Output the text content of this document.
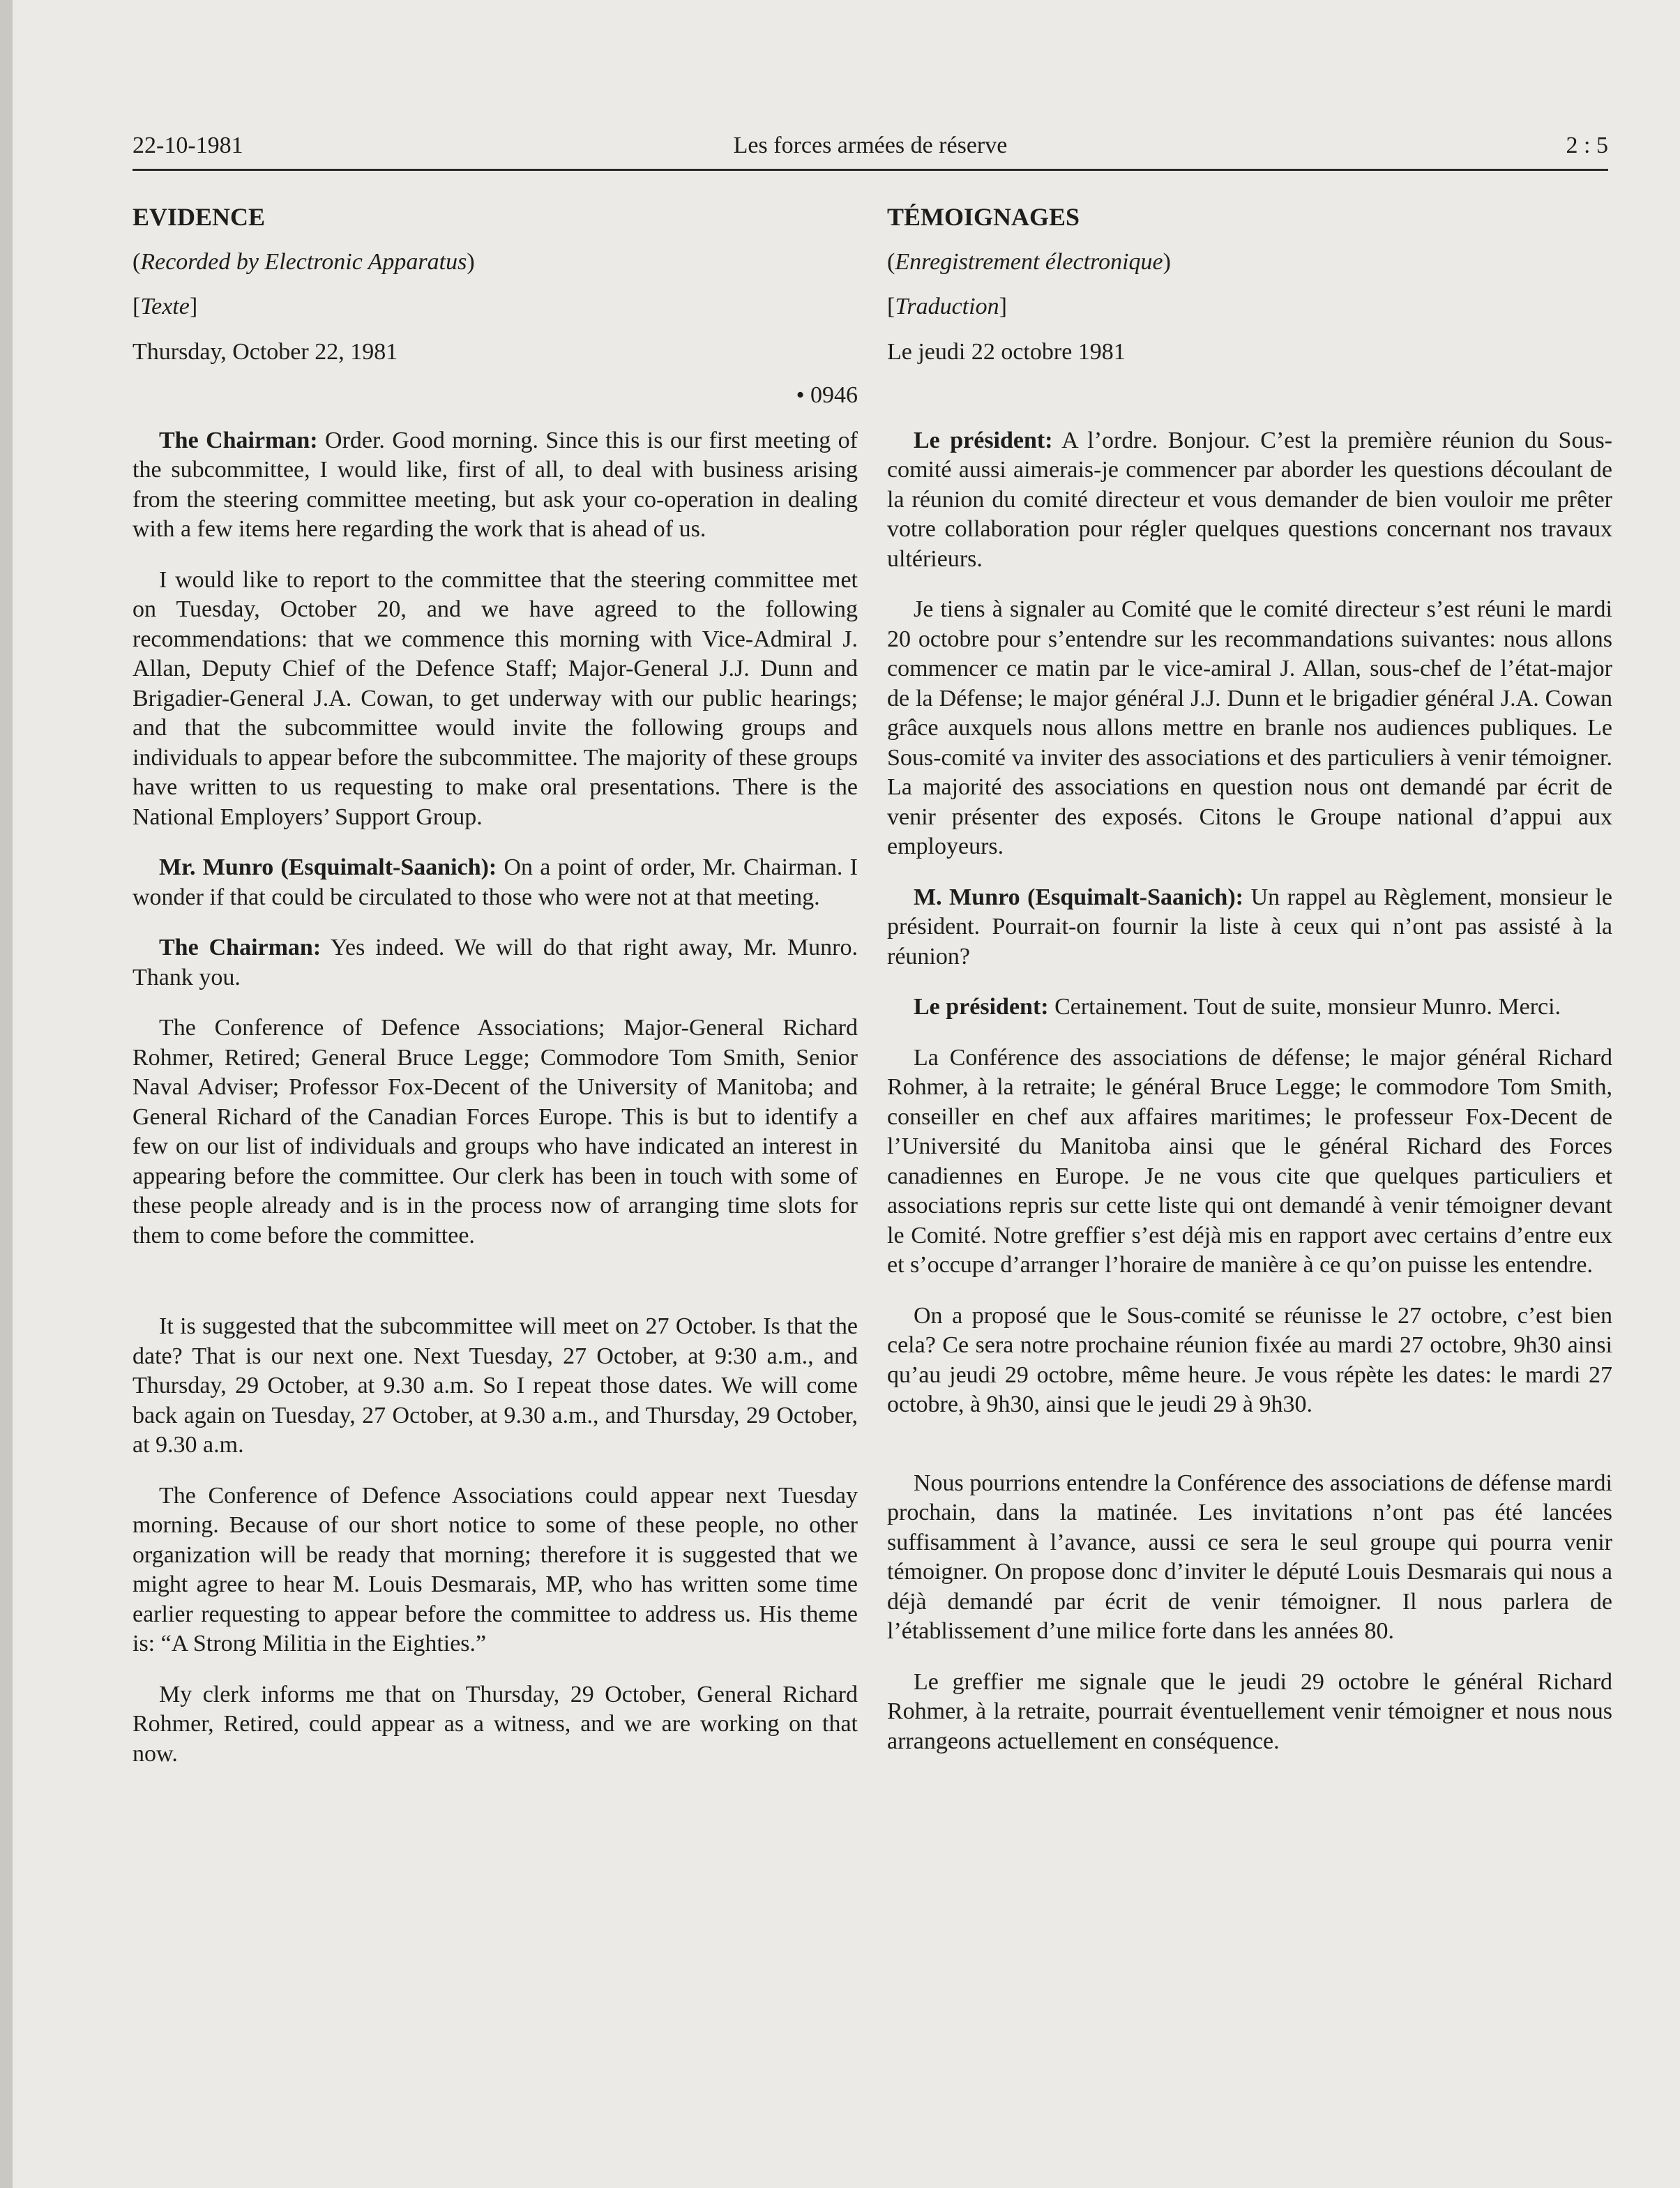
22-10-1981	Les forces armées de réserve	2 : 5

EVIDENCE

(Recorded by Electronic Apparatus)

[Texte]

Thursday, October 22, 1981

• 0946

The Chairman: Order. Good morning. Since this is our first meeting of the subcommittee, I would like, first of all, to deal with business arising from the steering committee meeting, but ask your co-operation in dealing with a few items here regarding the work that is ahead of us.

I would like to report to the committee that the steering committee met on Tuesday, October 20, and we have agreed to the following recommendations: that we commence this morning with Vice-Admiral J. Allan, Deputy Chief of the Defence Staff; Major-General J.J. Dunn and Brigadier-General J.A. Cowan, to get underway with our public hearings; and that the subcommittee would invite the following groups and individuals to appear before the subcommittee. The majority of these groups have written to us requesting to make oral presentations. There is the National Employers’ Support Group.

Mr. Munro (Esquimalt-Saanich): On a point of order, Mr. Chairman. I wonder if that could be circulated to those who were not at that meeting.

The Chairman: Yes indeed. We will do that right away, Mr. Munro. Thank you.

The Conference of Defence Associations; Major-General Richard Rohmer, Retired; General Bruce Legge; Commodore Tom Smith, Senior Naval Adviser; Professor Fox-Decent of the University of Manitoba; and General Richard of the Canadian Forces Europe. This is but to identify a few on our list of individuals and groups who have indicated an interest in appearing before the committee. Our clerk has been in touch with some of these people already and is in the process now of arranging time slots for them to come before the committee.

It is suggested that the subcommittee will meet on 27 October. Is that the date? That is our next one. Next Tuesday, 27 October, at 9:30 a.m., and Thursday, 29 October, at 9.30 a.m. So I repeat those dates. We will come back again on Tuesday, 27 October, at 9.30 a.m., and Thursday, 29 October, at 9.30 a.m.

The Conference of Defence Associations could appear next Tuesday morning. Because of our short notice to some of these people, no other organization will be ready that morning; therefore it is suggested that we might agree to hear M. Louis Desmarais, MP, who has written some time earlier requesting to appear before the committee to address us. His theme is: “A Strong Militia in the Eighties.”

My clerk informs me that on Thursday, 29 October, General Richard Rohmer, Retired, could appear as a witness, and we are working on that now.

TÉMOIGNAGES

(Enregistrement électronique)

[Traduction]

Le jeudi 22 octobre 1981

Le président: A l’ordre. Bonjour. C’est la première réunion du Sous-comité aussi aimerais-je commencer par aborder les questions découlant de la réunion du comité directeur et vous demander de bien vouloir me prêter votre collaboration pour régler quelques questions concernant nos travaux ultérieurs.

Je tiens à signaler au Comité que le comité directeur s’est réuni le mardi 20 octobre pour s’entendre sur les recommandations suivantes: nous allons commencer ce matin par le vice-amiral J. Allan, sous-chef de l’état-major de la Défense; le major général J.J. Dunn et le brigadier général J.A. Cowan grâce auxquels nous allons mettre en branle nos audiences publiques. Le Sous-comité va inviter des associations et des particuliers à venir témoigner. La majorité des associations en question nous ont demandé par écrit de venir présenter des exposés. Citons le Groupe national d’appui aux employeurs.

M. Munro (Esquimalt-Saanich): Un rappel au Règlement, monsieur le président. Pourrait-on fournir la liste à ceux qui n’ont pas assisté à la réunion?

Le président: Certainement. Tout de suite, monsieur Munro. Merci.

La Conférence des associations de défense; le major général Richard Rohmer, à la retraite; le général Bruce Legge; le commodore Tom Smith, conseiller en chef aux affaires maritimes; le professeur Fox-Decent de l’Université du Manitoba ainsi que le général Richard des Forces canadiennes en Europe. Je ne vous cite que quelques particuliers et associations repris sur cette liste qui ont demandé à venir témoigner devant le Comité. Notre greffier s’est déjà mis en rapport avec certains d’entre eux et s’occupe d’arranger l’horaire de manière à ce qu’on puisse les entendre.

On a proposé que le Sous-comité se réunisse le 27 octobre, c’est bien cela? Ce sera notre prochaine réunion fixée au mardi 27 octobre, 9h30 ainsi qu’au jeudi 29 octobre, même heure. Je vous répète les dates: le mardi 27 octobre, à 9h30, ainsi que le jeudi 29 à 9h30.

Nous pourrions entendre la Conférence des associations de défense mardi prochain, dans la matinée. Les invitations n’ont pas été lancées suffisamment à l’avance, aussi ce sera le seul groupe qui pourra venir témoigner. On propose donc d’inviter le député Louis Desmarais qui nous a déjà demandé par écrit de venir témoigner. Il nous parlera de l’établissement d’une milice forte dans les années 80.

Le greffier me signale que le jeudi 29 octobre le général Richard Rohmer, à la retraite, pourrait éventuellement venir témoigner et nous nous arrangeons actuellement en conséquence.
